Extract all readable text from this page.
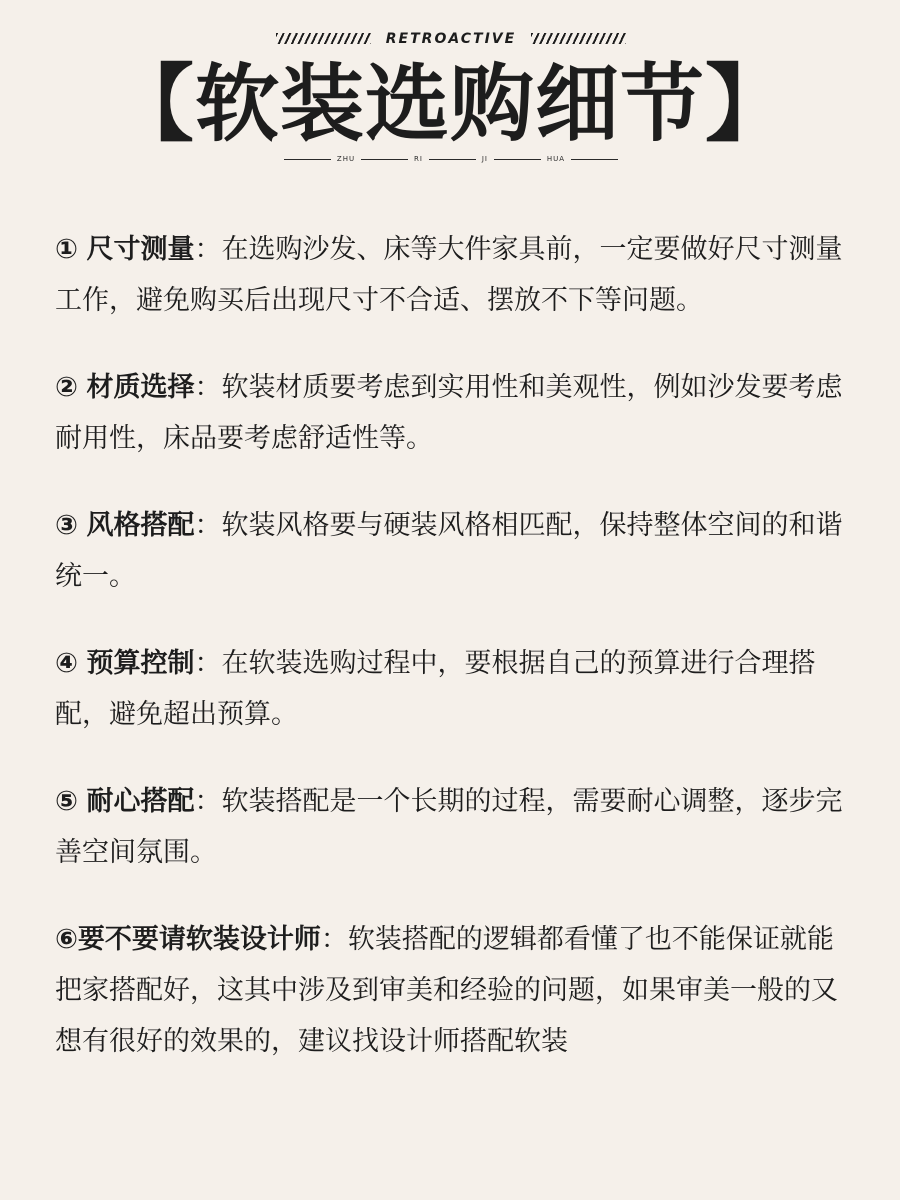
RETROACTIVE
【软装选购细节】
ZHU	RI	JI	HUA

① 尺寸测量：在选购沙发、床等大件家具前，一定要做好尺寸测量工作，避免购买后出现尺寸不合适、摆放不下等问题。

② 材质选择：软装材质要考虑到实用性和美观性，例如沙发要考虑耐用性，床品要考虑舒适性等。

③ 风格搭配：软装风格要与硬装风格相匹配，保持整体空间的和谐统一。

④ 预算控制：在软装选购过程中，要根据自己的预算进行合理搭配，避免超出预算。

⑤ 耐心搭配：软装搭配是一个长期的过程，需要耐心调整，逐步完善空间氛围。

⑥要不要请软装设计师：软装搭配的逻辑都看懂了也不能保证就能把家搭配好，这其中涉及到审美和经验的问题，如果审美一般的又想有很好的效果的，建议找设计师搭配软装
